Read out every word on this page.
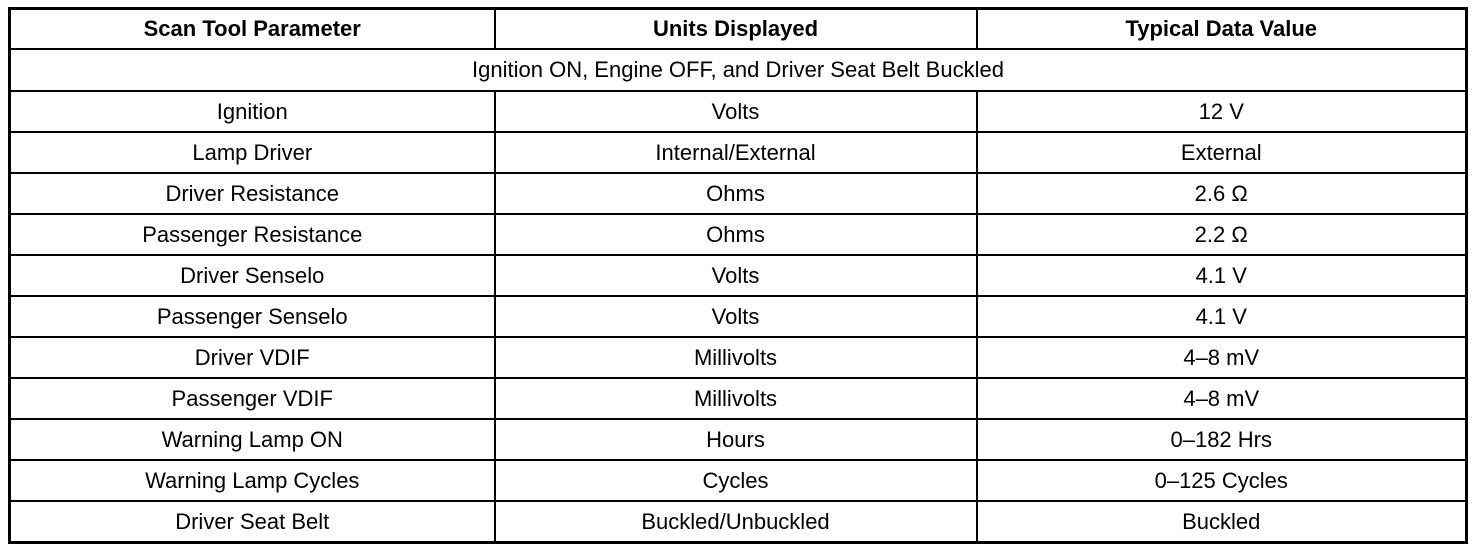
Scan Tool Parameter	Units Displayed	Typical Data Value
Ignition ON, Engine OFF, and Driver Seat Belt Buckled		
Ignition	Volts	12 V
Lamp Driver	Internal/External	External
Driver Resistance	Ohms	2.6 Ω
Passenger Resistance	Ohms	2.2 Ω
Driver Senselo	Volts	4.1 V
Passenger Senselo	Volts	4.1 V
Driver VDIF	Millivolts	4–8 mV
Passenger VDIF	Millivolts	4–8 mV
Warning Lamp ON	Hours	0–182 Hrs
Warning Lamp Cycles	Cycles	0–125 Cycles
Driver Seat Belt	Buckled/Unbuckled	Buckled
